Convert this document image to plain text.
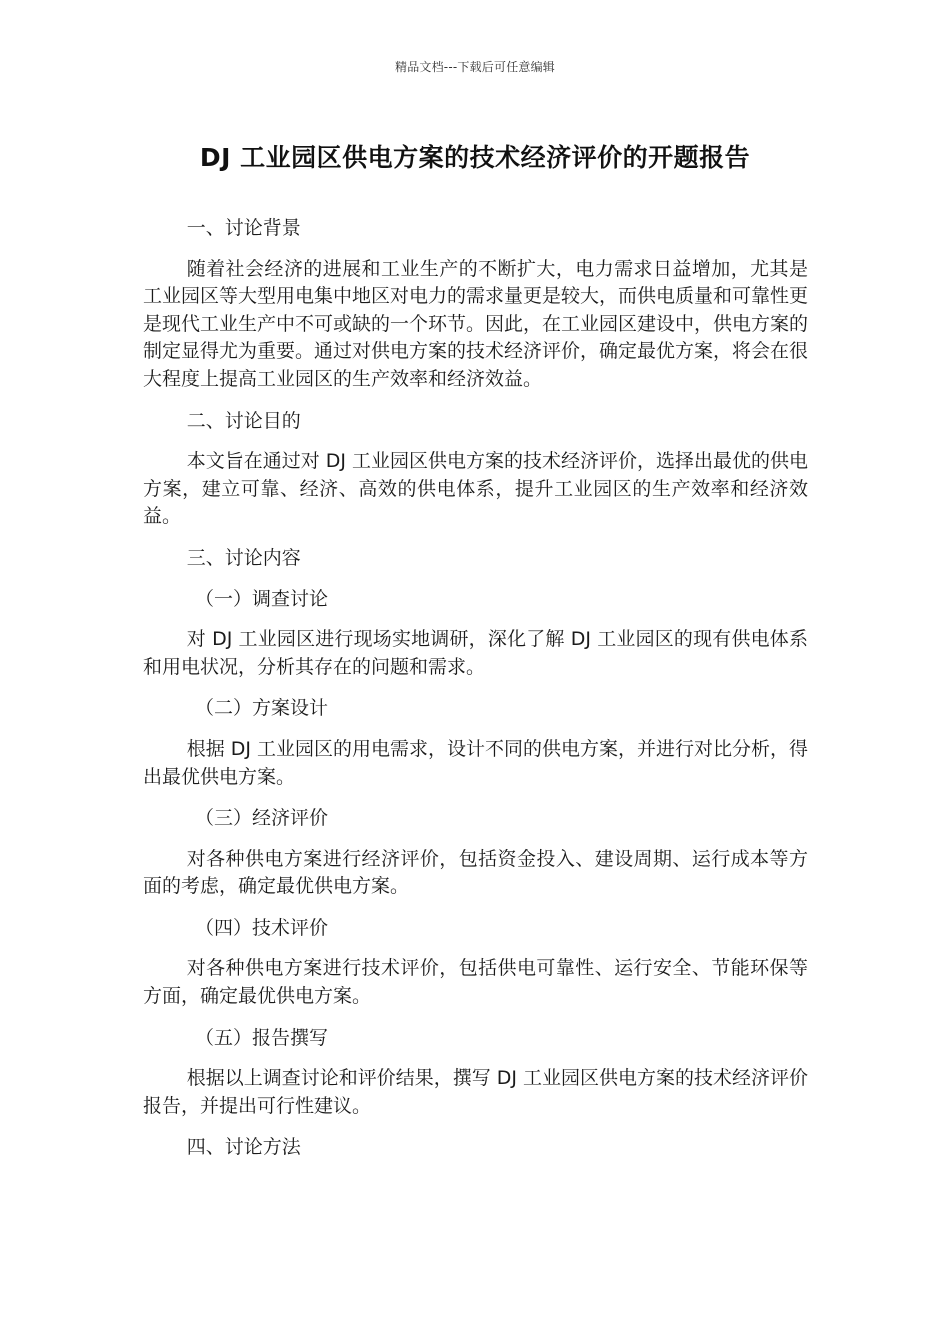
精品文档---下载后可任意编辑
DJ 工业园区供电方案的技术经济评价的开题报告

一、讨论背景

随着社会经济的进展和工业生产的不断扩大，电力需求日益增加，尤其是工业园区等大型用电集中地区对电力的需求量更是较大，而供电质量和可靠性更是现代工业生产中不可或缺的一个环节。因此，在工业园区建设中，供电方案的制定显得尤为重要。通过对供电方案的技术经济评价，确定最优方案，将会在很大程度上提高工业园区的生产效率和经济效益。

二、讨论目的

本文旨在通过对 DJ 工业园区供电方案的技术经济评价，选择出最优的供电方案，建立可靠、经济、高效的供电体系，提升工业园区的生产效率和经济效益。

三、讨论内容

（一）调查讨论

对 DJ 工业园区进行现场实地调研，深化了解 DJ 工业园区的现有供电体系和用电状况，分析其存在的问题和需求。

（二）方案设计

根据 DJ 工业园区的用电需求，设计不同的供电方案，并进行对比分析，得出最优供电方案。

（三）经济评价

对各种供电方案进行经济评价，包括资金投入、建设周期、运行成本等方面的考虑，确定最优供电方案。

（四）技术评价

对各种供电方案进行技术评价，包括供电可靠性、运行安全、节能环保等方面，确定最优供电方案。

（五）报告撰写

根据以上调查讨论和评价结果，撰写 DJ 工业园区供电方案的技术经济评价报告，并提出可行性建议。

四、讨论方法
